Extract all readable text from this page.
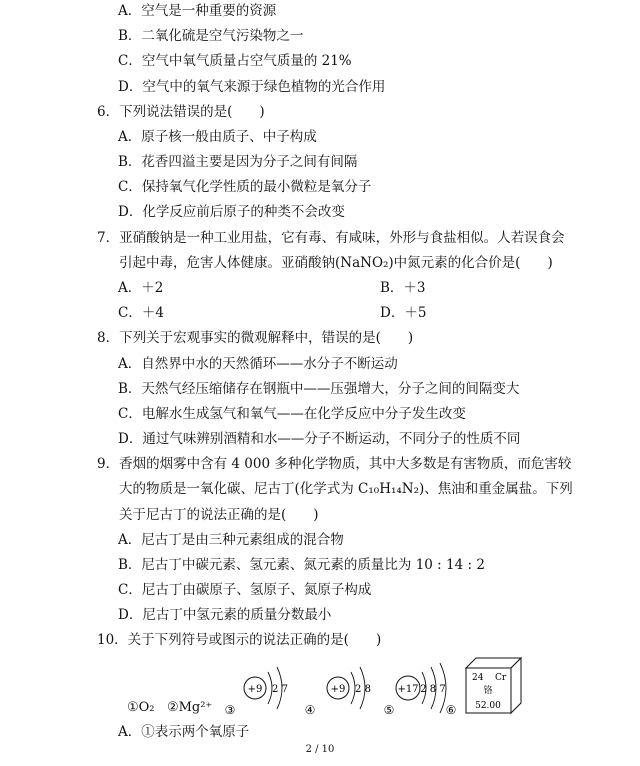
A．空气是一种重要的资源
B．二氧化硫是空气污染物之一
C．空气中氧气质量占空气质量的 21%
D．空气中的氧气来源于绿色植物的光合作用
6．下列说法错误的是(　　)
A．原子核一般由质子、中子构成
B．花香四溢主要是因为分子之间有间隔
C．保持氧气化学性质的最小微粒是氧分子
D．化学反应前后原子的种类不会改变
7．亚硝酸钠是一种工业用盐，它有毒、有咸味，外形与食盐相似。人若误食会
引起中毒，危害人体健康。亚硝酸钠(NaNO₂)中氮元素的化合价是(　　)
A．＋2	B．＋3
C．＋4	D．＋5
8．下列关于宏观事实的微观解释中，错误的是(　　)
A．自然界中水的天然循环——水分子不断运动
B．天然气经压缩储存在钢瓶中——压强增大，分子之间的间隔变大
C．电解水生成氢气和氧气——在化学反应中分子发生改变
D．通过气味辨别酒精和水——分子不断运动，不同分子的性质不同
9．香烟的烟雾中含有 4 000 多种化学物质，其中大多数是有害物质，而危害较
大的物质是一氧化碳、尼古丁(化学式为 C₁₀H₁₄N₂)、焦油和重金属盐。下列
关于尼古丁的说法正确的是(　　)
A．尼古丁是由三种元素组成的混合物
B．尼古丁中碳元素、氢元素、氮元素的质量比为 10 : 14 : 2
C．尼古丁由碳原子、氢原子、氮原子构成
D．尼古丁中氢元素的质量分数最小
10．关于下列符号或图示的说法正确的是(　　)
①O₂ ②Mg²⁺
+9 2 7
④
+9 2 8
⑤
+17 2 8 7
⑥
24 Cr
铬
52.00
③
A．①表示两个氧原子
2 / 10
